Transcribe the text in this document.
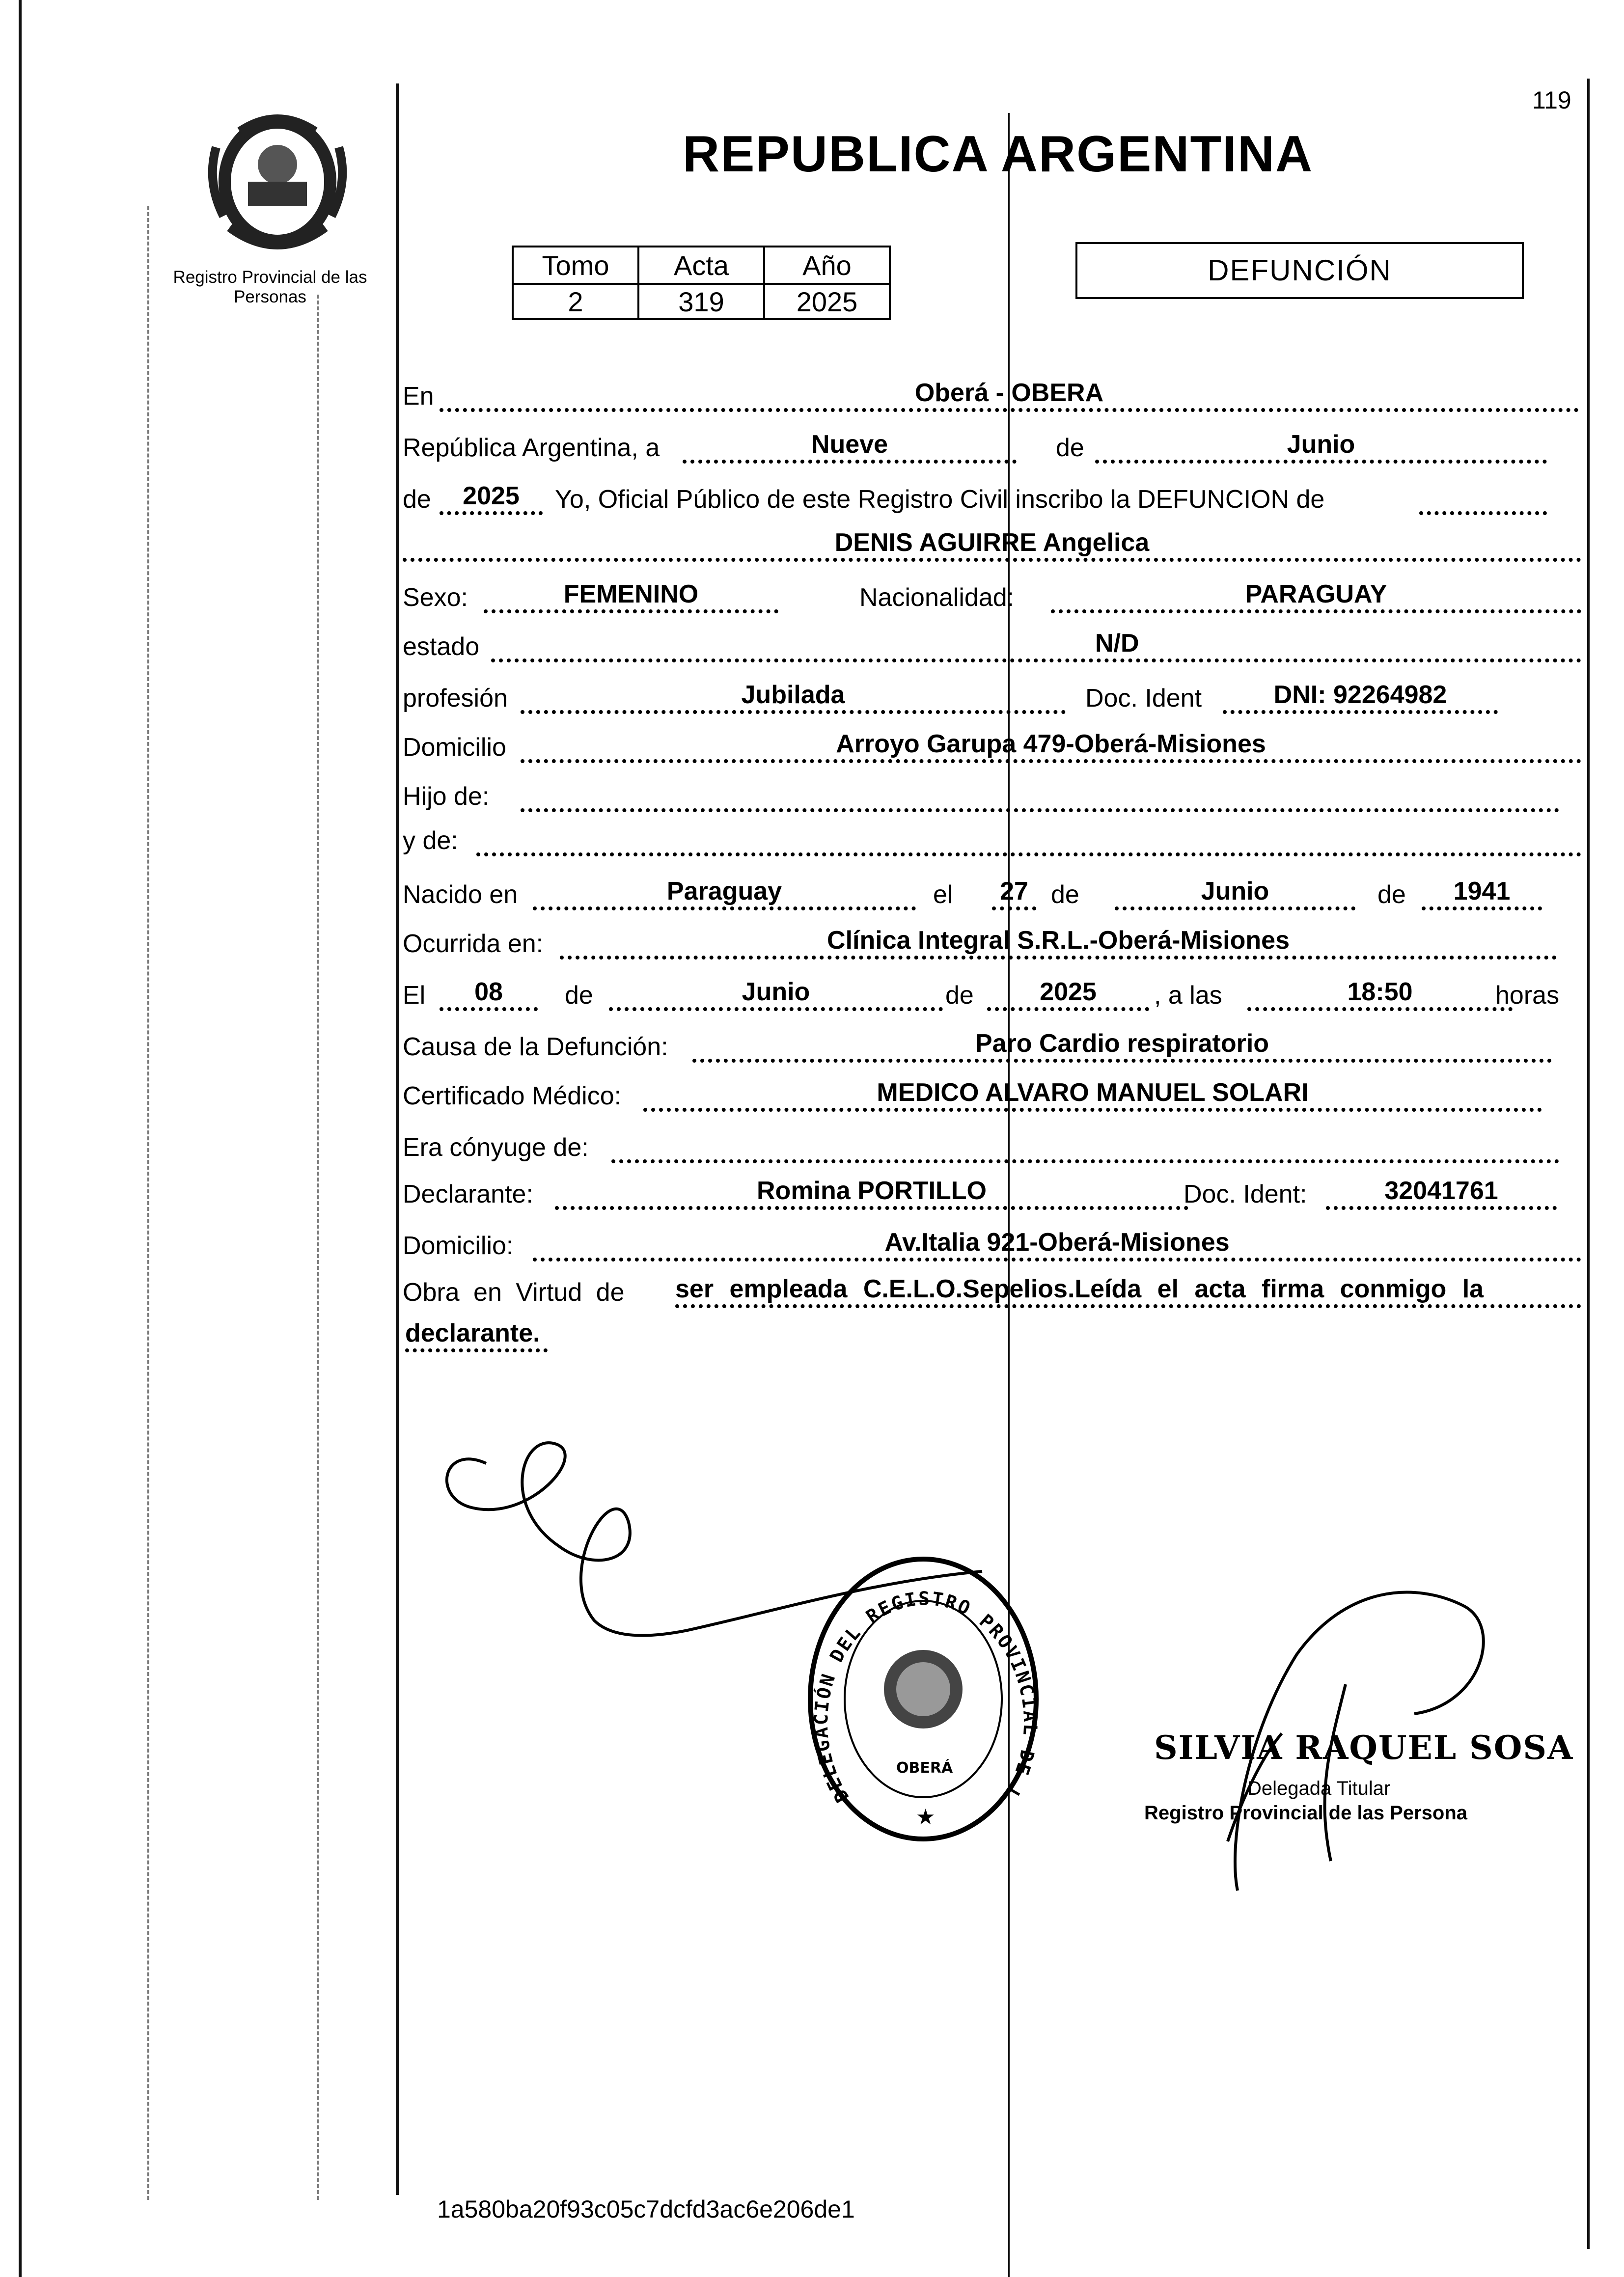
119
REPUBLICA ARGENTINA
Registro Provincial de las Personas
Tomo	Acta	Año
2	319	2025
DEFUNCIÓN
En	Oberá - OBERA
República Argentina, a	Nueve	de	Junio
de	2025	Yo, Oficial Público de este Registro Civil inscribo la DEFUNCION de
DENIS AGUIRRE Angelica
Sexo:	FEMENINO	Nacionalidad:	PARAGUAY
estado	N/D
profesión	Jubilada	Doc. Ident	DNI: 92264982
Domicilio	Arroyo Garupa 479-Oberá-Misiones
Hijo de:
y de:
Nacido en	Paraguay	el	27 de	Junio	de	1941
Ocurrida en:	Clínica Integral S.R.L.-Oberá-Misiones
El	08	de	Junio	de	2025	, a las	18:50	horas
Causa de la Defunción:	Paro Cardio respiratorio
Certificado Médico:	MEDICO ALVARO MANUEL SOLARI
Era cónyuge de:
Declarante:	Romina PORTILLO	Doc. Ident:	32041761
Domicilio:	Av.Italia 921-Oberá-Misiones
Obra en Virtud de ser empleada C.E.L.O.Sepelios.Leída el acta firma conmigo la
declarante.
DELEGACIÓN DEL REGISTRO PROVINCIAL DE L
OBERÁ
★
SILVIA RAQUEL SOSA
Delegada Titular
Registro Provincial de las Persona
1a580ba20f93c05c7dcfd3ac6e206de1
